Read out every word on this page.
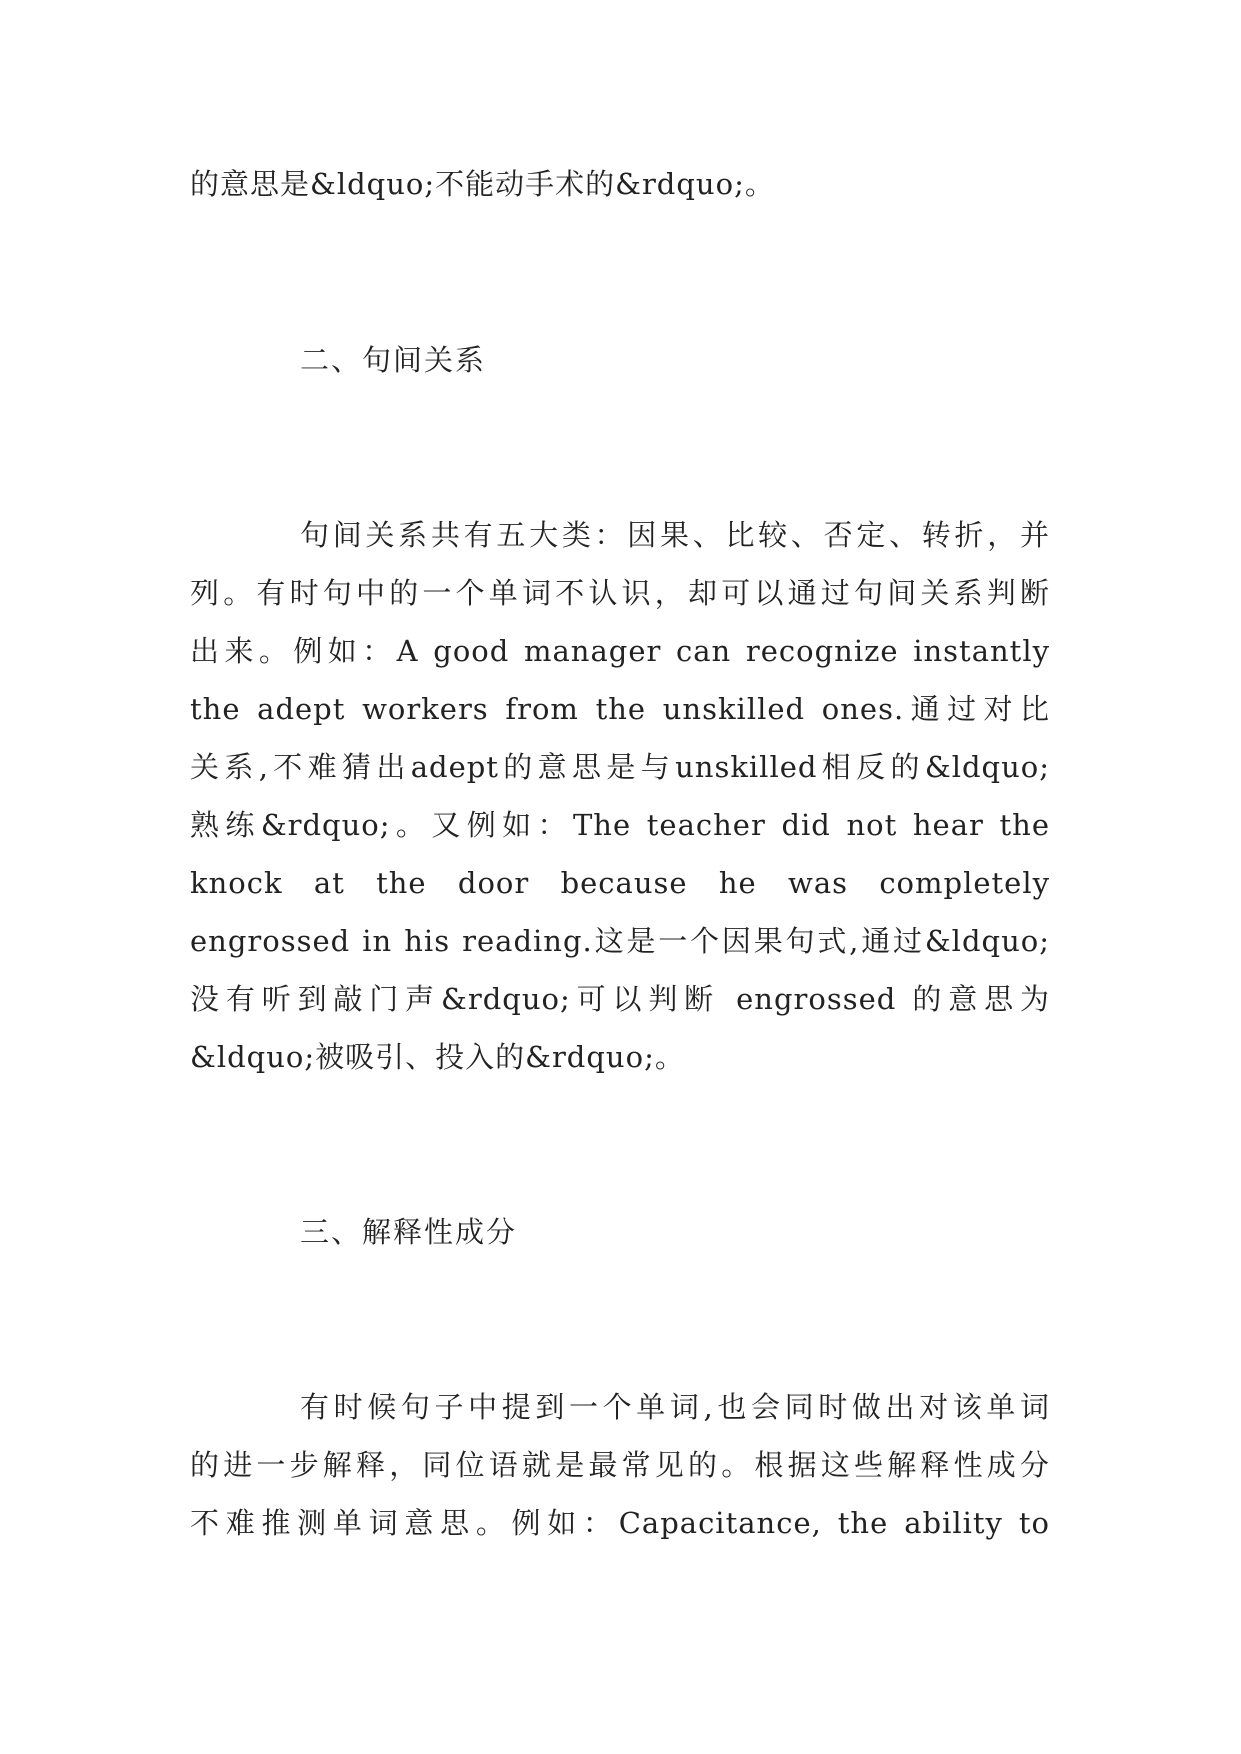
的意思是&ldquo;不能动手术的&rdquo;。
二、句间关系
句间关系共有五大类：因果、比较、否定、转折，并
列。有时句中的一个单词不认识，却可以通过句间关系判断
出来。例如：A good manager can recognize instantly
the adept workers from the unskilled ones.通过对比
关系,不难猜出adept的意思是与unskilled相反的&ldquo;
熟练&rdquo;。又例如：The teacher did not hear the
knock at the door because he was completely
engrossed in his reading.这是一个因果句式,通过&ldquo;
没有听到敲门声&rdquo;可以判断 engrossed 的意思为
&ldquo;被吸引、投入的&rdquo;。
三、解释性成分
有时候句子中提到一个单词,也会同时做出对该单词
的进一步解释，同位语就是最常见的。根据这些解释性成分
不难推测单词意思。例如：Capacitance, the ability to
